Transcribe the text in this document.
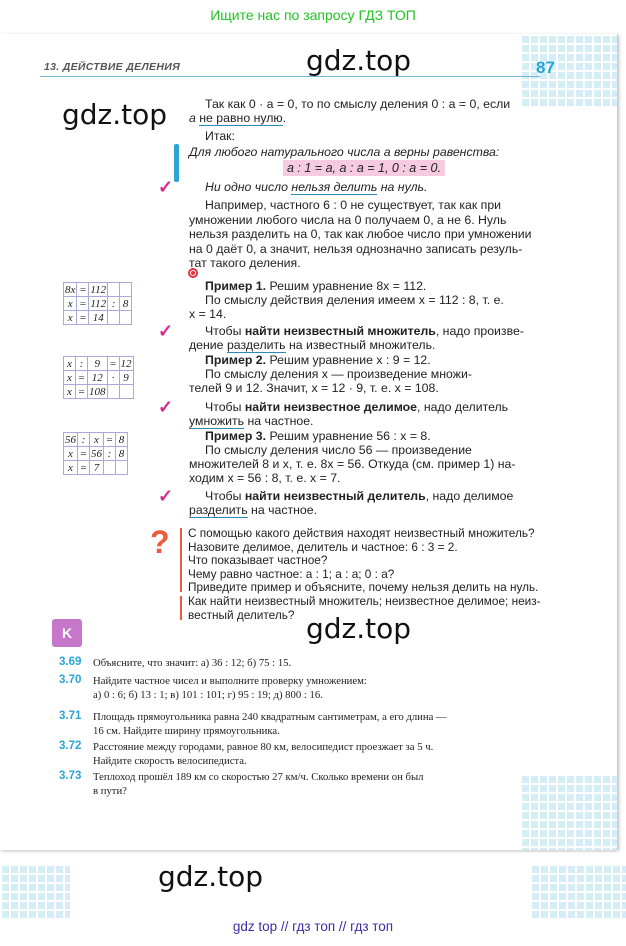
Ищите нас по запросу ГДЗ ТОП
13. ДЕЙСТВИЕ ДЕЛЕНИЯ	87
gdz.top
gdz.top
gdz.top
Так как 0 · a = 0, то по смыслу деления 0 : a = 0, если
a не равно нулю.
Итак:
Для любого натурального числа a верны равенства:
a : 1 = a, a : a = 1, 0 : a = 0.
✓	Ни одно число нельзя делить на нуль.
Например, частного 6 : 0 не существует, так как при
умножении любого числа на 0 получаем 0, а не 6. Нуль
нельзя разделить на 0, так как любое число при умножении
на 0 даёт 0, а значит, нельзя однозначно записать резуль-
тат такого деления.
8x	=	112		
x	=	112	:	8
x	=	14		
Пример 1. Решим уравнение 8x = 112.
По смыслу действия деления имеем x = 112 : 8, т. е.
x = 14.
✓	Чтобы найти неизвестный множитель, надо произве-
дение разделить на известный множитель.
x	:	9	=	12
x	=	12	·	9
x	=	108		
Пример 2. Решим уравнение x : 9 = 12.
По смыслу деления x — произведение множи-
телей 9 и 12. Значит, x = 12 · 9, т. е. x = 108.
✓	Чтобы найти неизвестное делимое, надо делитель
умножить на частное.
56	:	x	=	8
x	=	56	:	8
x	=	7		
Пример 3. Решим уравнение 56 : x = 8.
По смыслу деления число 56 — произведение
множителей 8 и x, т. е. 8x = 56. Откуда (см. пример 1) на-
ходим x = 56 : 8, т. е. x = 7.
✓	Чтобы найти неизвестный делитель, надо делимое
разделить на частное.
? С помощью какого действия находят неизвестный множитель?
Назовите делимое, делитель и частное: 6 : 3 = 2.
Что показывает частное?
Чему равно частное: a : 1; a : a; 0 : a?
Приведите пример и объясните, почему нельзя делить на нуль.
Как найти неизвестный множитель; неизвестное делимое; неиз-
вестный делитель?
K
3.69 Объясните, что значит: а) 36 : 12; б) 75 : 15.
3.70 Найдите частное чисел и выполните проверку умножением:
а) 0 : 6; б) 13 : 1; в) 101 : 101; г) 95 : 19; д) 800 : 16.
3.71 Площадь прямоугольника равна 240 квадратным сантиметрам, а его длина —
16 см. Найдите ширину прямоугольника.
3.72 Расстояние между городами, равное 80 км, велосипедист проезжает за 5 ч.
Найдите скорость велосипедиста.
3.73 Теплоход прошёл 189 км со скоростью 27 км/ч. Сколько времени он был
в пути?
gdz.top
gdz top // гдз топ // гдз топ
